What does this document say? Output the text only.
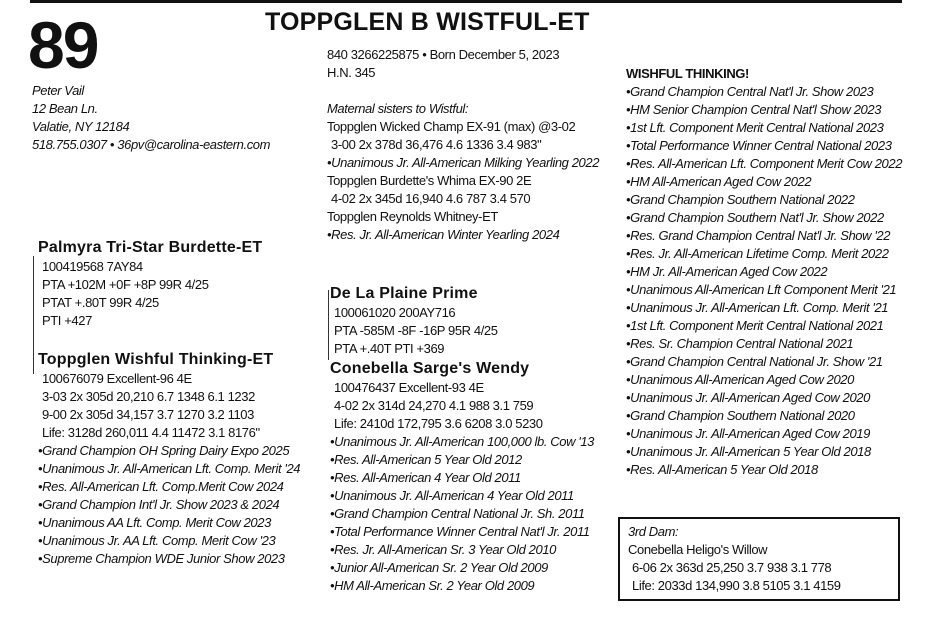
89	TOPPGLEN B WISTFUL-ET
Peter Vail
12 Bean Ln.
Valatie, NY 12184
518.755.0307 • 36pv@carolina-eastern.com
840 3266225875 • Born December 5, 2023
H.N. 345
Maternal sisters to Wistful:
Toppglen Wicked Champ EX-91 (max) @3-02
3-00 2x 378d 36,476 4.6 1336 3.4 983"
•Unanimous Jr. All-American Milking Yearling 2022
Toppglen Burdette's Whima EX-90 2E
4-02 2x 345d 16,940 4.6 787 3.4 570
Toppglen Reynolds Whitney-ET
•Res. Jr. All-American Winter Yearling 2024
Palmyra Tri-Star Burdette-ET
100419568 7AY84
PTA +102M +0F +8P 99R 4/25
PTAT +.80T 99R 4/25
PTI +427
Toppglen Wishful Thinking-ET
100676079 Excellent-96 4E
3-03 2x 305d 20,210 6.7 1348 6.1 1232
9-00 2x 305d 34,157 3.7 1270 3.2 1103
Life: 3128d 260,011 4.4 11472 3.1 8176"
•Grand Champion OH Spring Dairy Expo 2025
•Unanimous Jr. All-American Lft. Comp. Merit '24
•Res. All-American Lft. Comp.Merit Cow 2024
•Grand Champion Int'l Jr. Show 2023 & 2024
•Unanimous AA Lft. Comp. Merit Cow 2023
•Unanimous Jr. AA Lft. Comp. Merit Cow '23
•Supreme Champion WDE Junior Show 2023
De La Plaine Prime
100061020 200AY716
PTA -585M -8F -16P 95R 4/25
PTA +.40T PTI +369
Conebella Sarge's Wendy
100476437 Excellent-93 4E
4-02 2x 314d 24,270 4.1 988 3.1 759
Life: 2410d 172,795 3.6 6208 3.0 5230
•Unanimous Jr. All-American 100,000 lb. Cow '13
•Res. All-American 5 Year Old 2012
•Res. All-American 4 Year Old 2011
•Unanimous Jr. All-American 4 Year Old 2011
•Grand Champion Central National Jr. Sh. 2011
•Total Performance Winner Central Nat'l Jr. 2011
•Res. Jr. All-American Sr. 3 Year Old 2010
•Junior All-American Sr. 2 Year Old 2009
•HM All-American Sr. 2 Year Old 2009
WISHFUL THINKING!
•Grand Champion Central Nat'l Jr. Show 2023
•HM Senior Champion Central Nat'l Show 2023
•1st Lft. Component Merit Central National 2023
•Total Performance Winner Central National 2023
•Res. All-American Lft. Component Merit Cow 2022
•HM All-American Aged Cow 2022
•Grand Champion Southern National 2022
•Grand Champion Southern Nat'l Jr. Show 2022
•Res. Grand Champion Central Nat'l Jr. Show '22
•Res. Jr. All-American Lifetime Comp. Merit 2022
•HM Jr. All-American Aged Cow 2022
•Unanimous All-American Lft Component Merit '21
•Unanimous Jr. All-American Lft. Comp. Merit '21
•1st Lft. Component Merit Central National 2021
•Res. Sr. Champion Central National 2021
•Grand Champion Central National Jr. Show '21
•Unanimous All-American Aged Cow 2020
•Unanimous Jr. All-American Aged Cow 2020
•Grand Champion Southern National 2020
•Unanimous Jr. All-American Aged Cow 2019
•Unanimous Jr. All-American 5 Year Old 2018
•Res. All-American 5 Year Old 2018
3rd Dam:
Conebella Heligo's Willow
6-06 2x 363d 25,250 3.7 938 3.1 778
Life: 2033d 134,990 3.8 5105 3.1 4159
